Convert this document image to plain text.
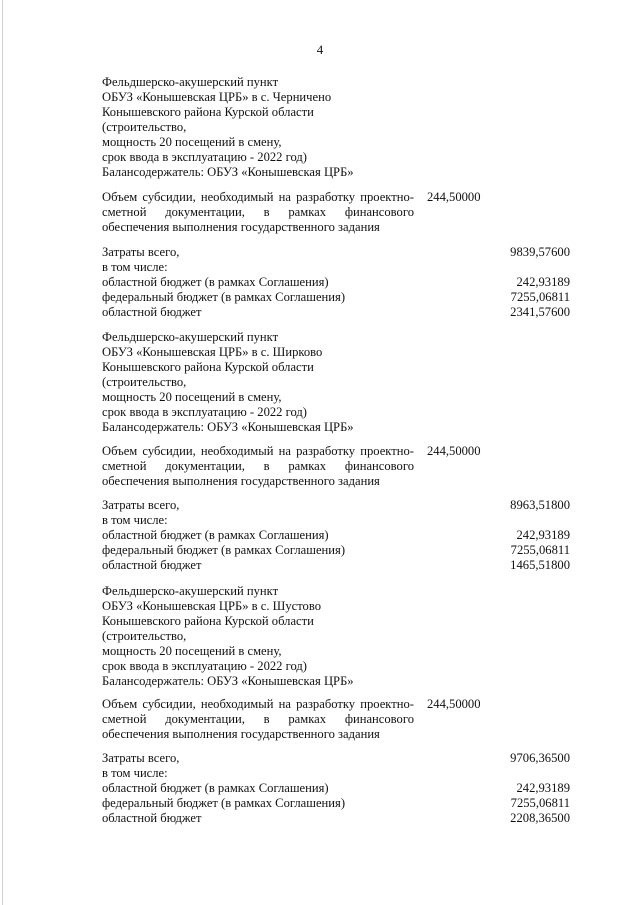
4
Фельдшерско-акушерский пункт
ОБУЗ «Конышевская ЦРБ» в с. Черничено
Конышевского района Курской области
(строительство,
мощность 20 посещений в смену,
срок ввода в эксплуатацию - 2022 год)
Балансодержатель: ОБУЗ «Конышевская ЦРБ»
Объем субсидии, необходимый на разработку проектно-
сметной документации, в рамках финансового
обеспечения выполнения государственного задания
244,50000
Затраты всего,	9839,57600
в том числе:
областной бюджет (в рамках Соглашения)	242,93189
федеральный бюджет (в рамках Соглашения)	7255,06811
областной бюджет	2341,57600
Фельдшерско-акушерский пункт
ОБУЗ «Конышевская ЦРБ» в с. Ширково
Конышевского района Курской области
(строительство,
мощность 20 посещений в смену,
срок ввода в эксплуатацию - 2022 год)
Балансодержатель: ОБУЗ «Конышевская ЦРБ»
Объем субсидии, необходимый на разработку проектно-
сметной документации, в рамках финансового
обеспечения выполнения государственного задания
244,50000
Затраты всего,	8963,51800
в том числе:
областной бюджет (в рамках Соглашения)	242,93189
федеральный бюджет (в рамках Соглашения)	7255,06811
областной бюджет	1465,51800
Фельдшерско-акушерский пункт
ОБУЗ «Конышевская ЦРБ» в с. Шустово
Конышевского района Курской области
(строительство,
мощность 20 посещений в смену,
срок ввода в эксплуатацию - 2022 год)
Балансодержатель: ОБУЗ «Конышевская ЦРБ»
Объем субсидии, необходимый на разработку проектно-
сметной документации, в рамках финансового
обеспечения выполнения государственного задания
244,50000
Затраты всего,	9706,36500
в том числе:
областной бюджет (в рамках Соглашения)	242,93189
федеральный бюджет (в рамках Соглашения)	7255,06811
областной бюджет	2208,36500
